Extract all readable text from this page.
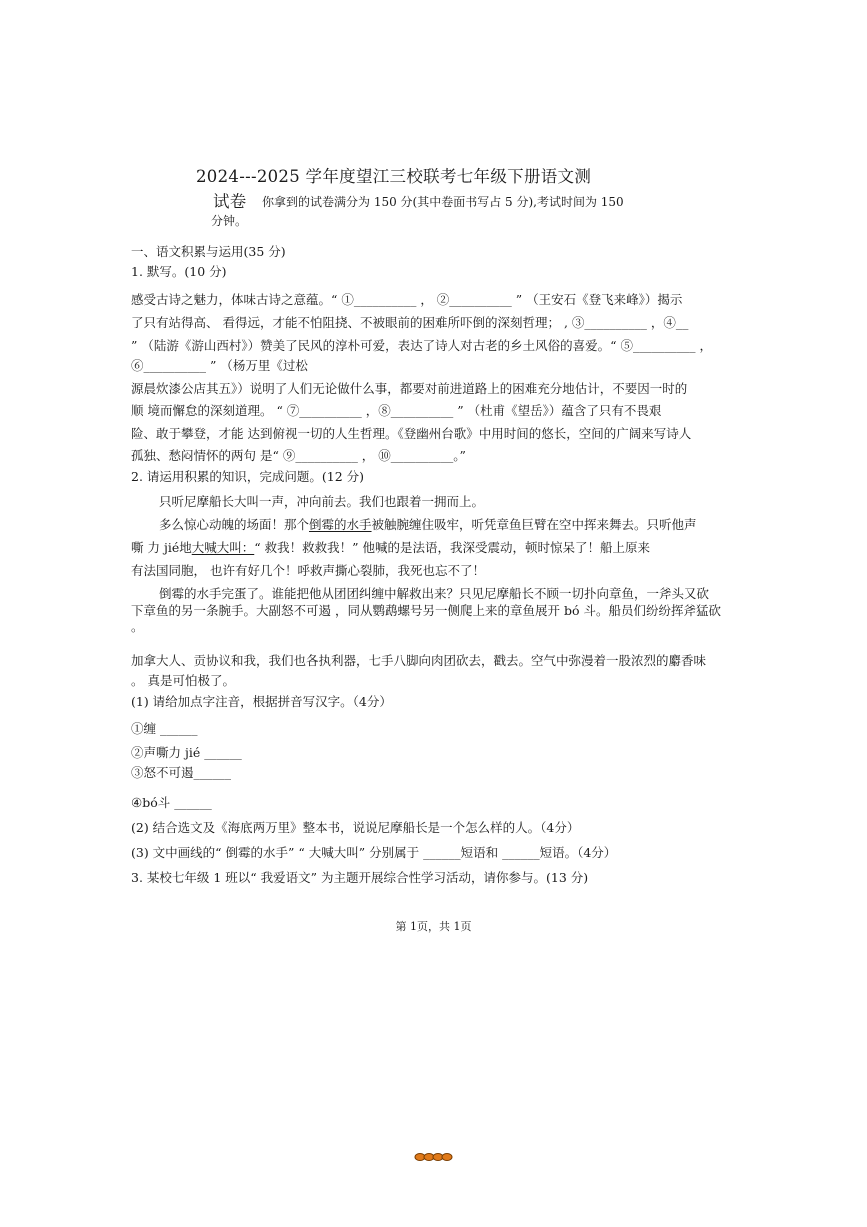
2024---2025 学年度望江三校联考七年级下册语文测
试卷 你拿到的试卷满分为 150 分(其中卷面书写占 5 分),考试时间为 150
分钟。
一、语文积累与运用(35 分)
1. 默写。(10 分)
感受古诗之魅力，体味古诗之意蕴。“ ①__________ ， ②__________ ” （王安石《登飞来峰》）揭示
了只有站得高、 看得远，才能不怕阻挠、不被眼前的困难所吓倒的深刻哲理； , ③__________ ，④__
” （陆游《游山西村》）赞美了民风的淳朴可爱，表达了诗人对古老的乡土风俗的喜爱。“ ⑤__________ ，
⑥__________ ” （杨万里《过松
源晨炊漆公店其五》）说明了人们无论做什么事，都要对前进道路上的困难充分地估计，不要因一时的
顺 境而懈怠的深刻道理。 “ ⑦__________ ，⑧__________ ” （杜甫《望岳》）蕴含了只有不畏艰
险、敢于攀登，才能 达到俯视一切的人生哲理。《登幽州台歌》中用时间的悠长，空间的广阔来写诗人
孤独、愁闷情怀的两句 是“ ⑨__________ ， ⑩__________。”
2. 请运用积累的知识，完成问题。(12 分)
只听尼摩船长大叫一声，冲向前去。我们也跟着一拥而上。
多么惊心动魄的场面！那个倒霉的水手被触腕缠住吸牢，听凭章鱼巨臂在空中挥来舞去。只听他声
嘶 力 jié地大喊大叫：“ 救我！救救我！” 他喊的是法语，我深受震动，顿时惊呆了！船上原来
有法国同胞， 也许有好几个！呼救声撕心裂肺，我死也忘不了！
倒霉的水手完蛋了。谁能把他从团团纠缠中解救出来？只见尼摩船长不顾一切扑向章鱼，一斧头又砍
下章鱼的另一条腕手。大副怒不可遏 ，同从鹦鹉螺号另一侧爬上来的章鱼展开 bó 斗。船员们纷纷挥斧猛砍
。
加拿大人、贡协议和我，我们也各执利器，七手八脚向肉团砍去，戳去。空气中弥漫着一股浓烈的麝香味
。 真是可怕极了。
(1) 请给加点字注音，根据拼音写汉字。（4分）
①缠 ______
②声嘶力 jié ______
③怒不可遏______
④bó斗 ______
(2) 结合选文及《海底两万里》整本书，说说尼摩船长是一个怎么样的人。（4分）
(3) 文中画线的“ 倒霉的水手” “ 大喊大叫” 分别属于 ______短语和 ______短语。（4分）
3. 某校七年级 1 班以“ 我爱语文” 为主题开展综合性学习活动，请你参与。(13 分)
第 1页，共 1页
